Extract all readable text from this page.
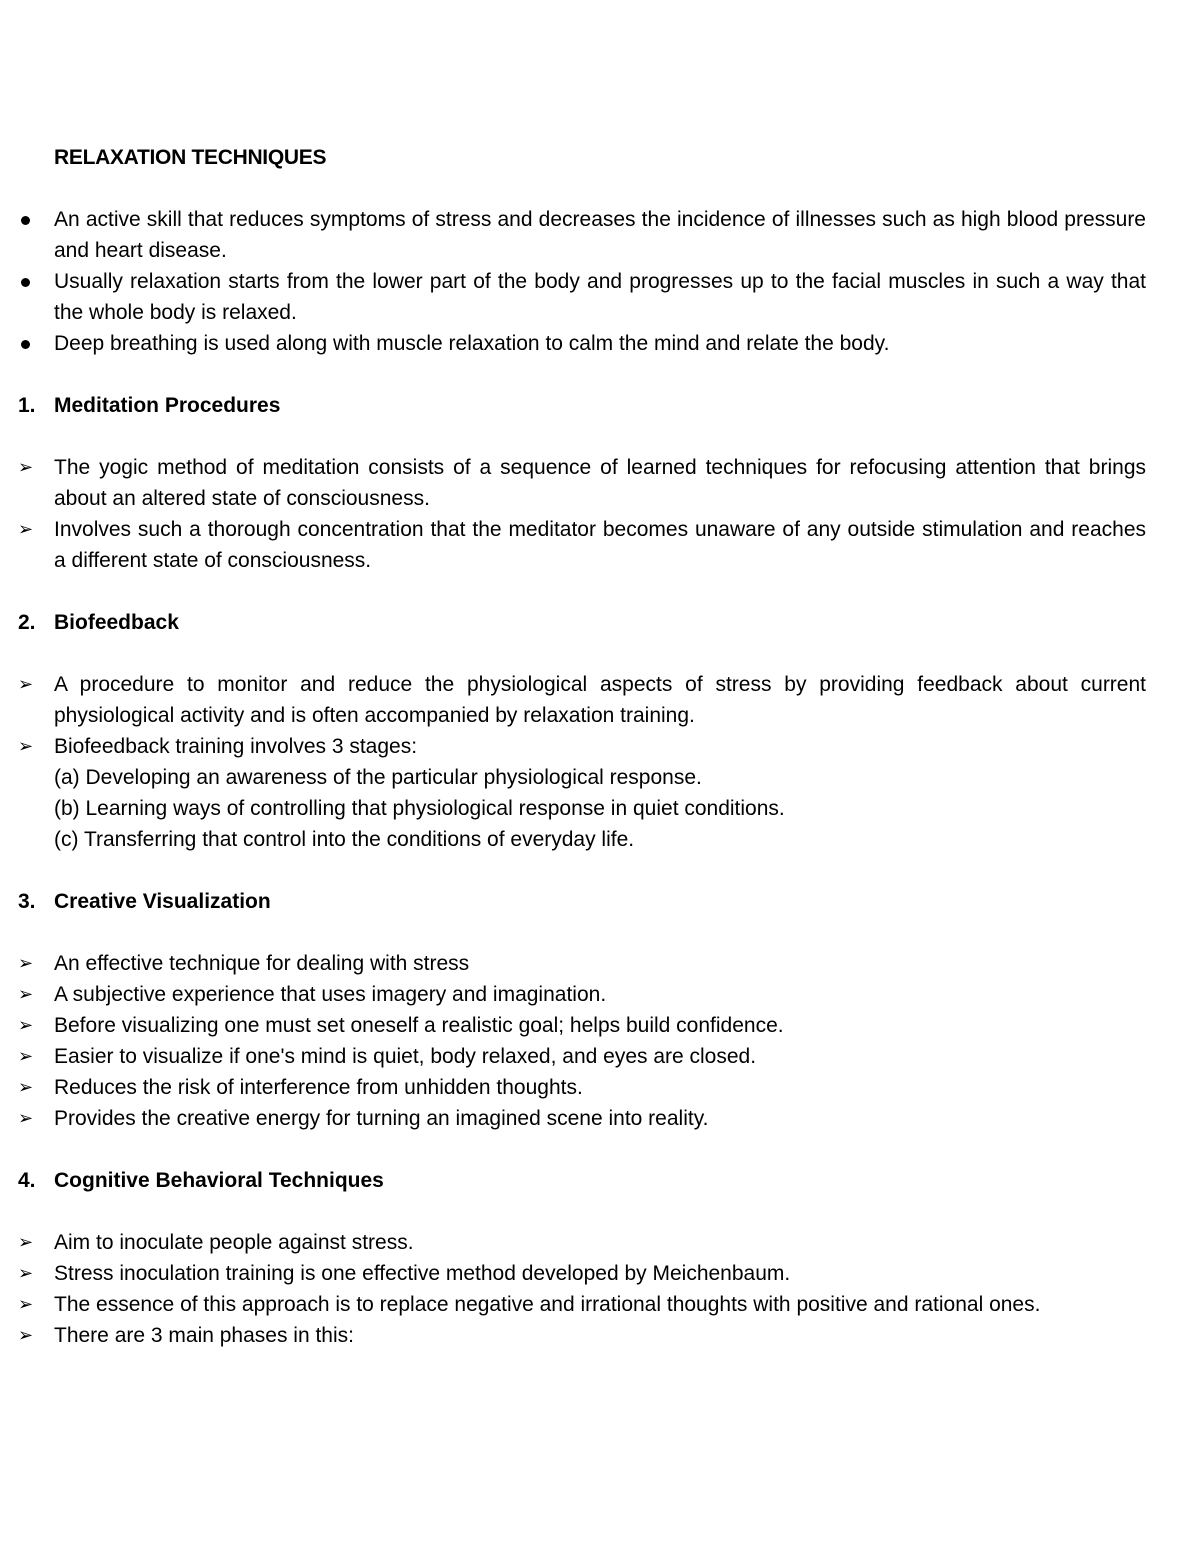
RELAXATION TECHNIQUES
An active skill that reduces symptoms of stress and decreases the incidence of illnesses such as high blood pressure and heart disease.
Usually relaxation starts from the lower part of the body and progresses up to the facial muscles in such a way that the whole body is relaxed.
Deep breathing is used along with muscle relaxation to calm the mind and relate the body.
1. Meditation Procedures
➢ The yogic method of meditation consists of a sequence of learned techniques for refocusing attention that brings about an altered state of consciousness.
➢ Involves such a thorough concentration that the meditator becomes unaware of any outside stimulation and reaches a different state of consciousness.
2. Biofeedback
➢ A procedure to monitor and reduce the physiological aspects of stress by providing feedback about current physiological activity and is often accompanied by relaxation training.
➢ Biofeedback training involves 3 stages:
(a) Developing an awareness of the particular physiological response.
(b) Learning ways of controlling that physiological response in quiet conditions.
(c) Transferring that control into the conditions of everyday life.
3. Creative Visualization
➢ An effective technique for dealing with stress
➢ A subjective experience that uses imagery and imagination.
➢ Before visualizing one must set oneself a realistic goal; helps build confidence.
➢ Easier to visualize if one's mind is quiet, body relaxed, and eyes are closed.
➢ Reduces the risk of interference from unhidden thoughts.
➢ Provides the creative energy for turning an imagined scene into reality.
4. Cognitive Behavioral Techniques
➢ Aim to inoculate people against stress.
➢ Stress inoculation training is one effective method developed by Meichenbaum.
➢ The essence of this approach is to replace negative and irrational thoughts with positive and rational ones.
➢ There are 3 main phases in this:
